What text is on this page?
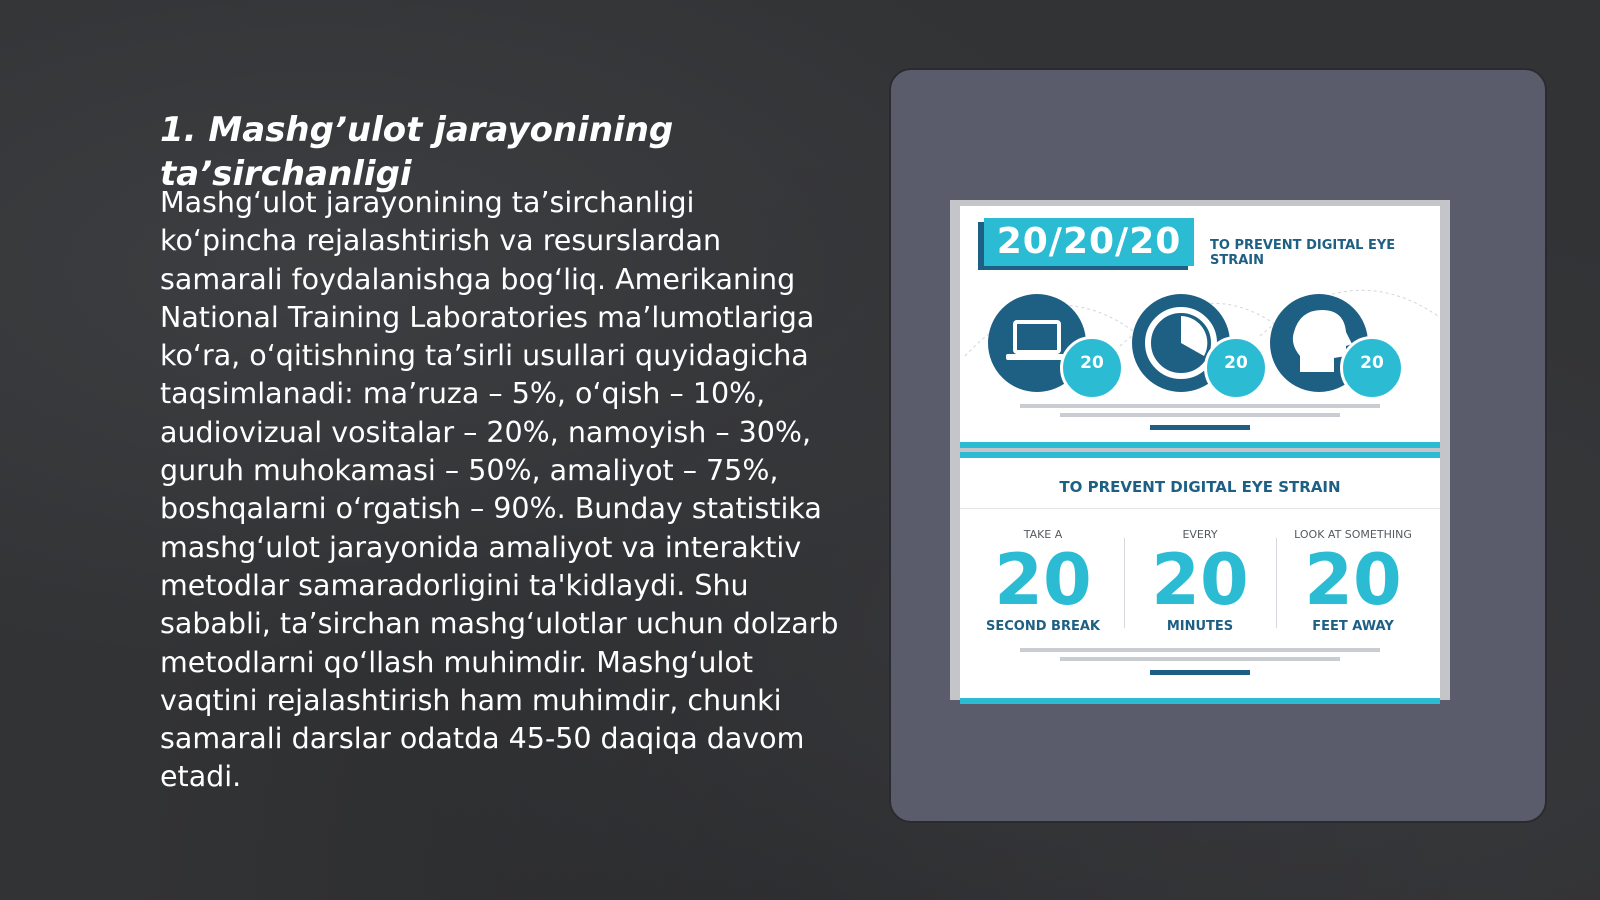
1. Mashg’ulot jarayonining ta’sirchanligi

Mashg‘ulot jarayonining ta’sirchanligi ko‘pincha rejalashtirish va resurslardan samarali foydalanishga bog‘liq. Amerikaning National Training Laboratories ma’lumotlariga ko‘ra, o‘qitishning ta’sirli usullari quyidagicha taqsimlanadi: ma’ruza – 5%, o‘qish – 10%, audiovizual vositalar – 20%, namoyish – 30%, guruh muhokamasi – 50%, amaliyot – 75%, boshqalarni o‘rgatish – 90%. Bunday statistika mashg‘ulot jarayonida amaliyot va interaktiv metodlar samaradorligini ta'kidlaydi. Shu sababli, ta’sirchan mashg‘ulotlar uchun dolzarb metodlarni qo‘llash muhimdir. Mashg‘ulot vaqtini rejalashtirish ham muhimdir, chunki samarali darslar odatda 45-50 daqiqa davom etadi.

20/20/20	TO PREVENT DIGITAL EYE STRAIN
20	20	20
TO PREVENT DIGITAL EYE STRAIN
TAKE A
20
SECOND BREAK
EVERY
20
MINUTES
LOOK AT SOMETHING
20
FEET AWAY
